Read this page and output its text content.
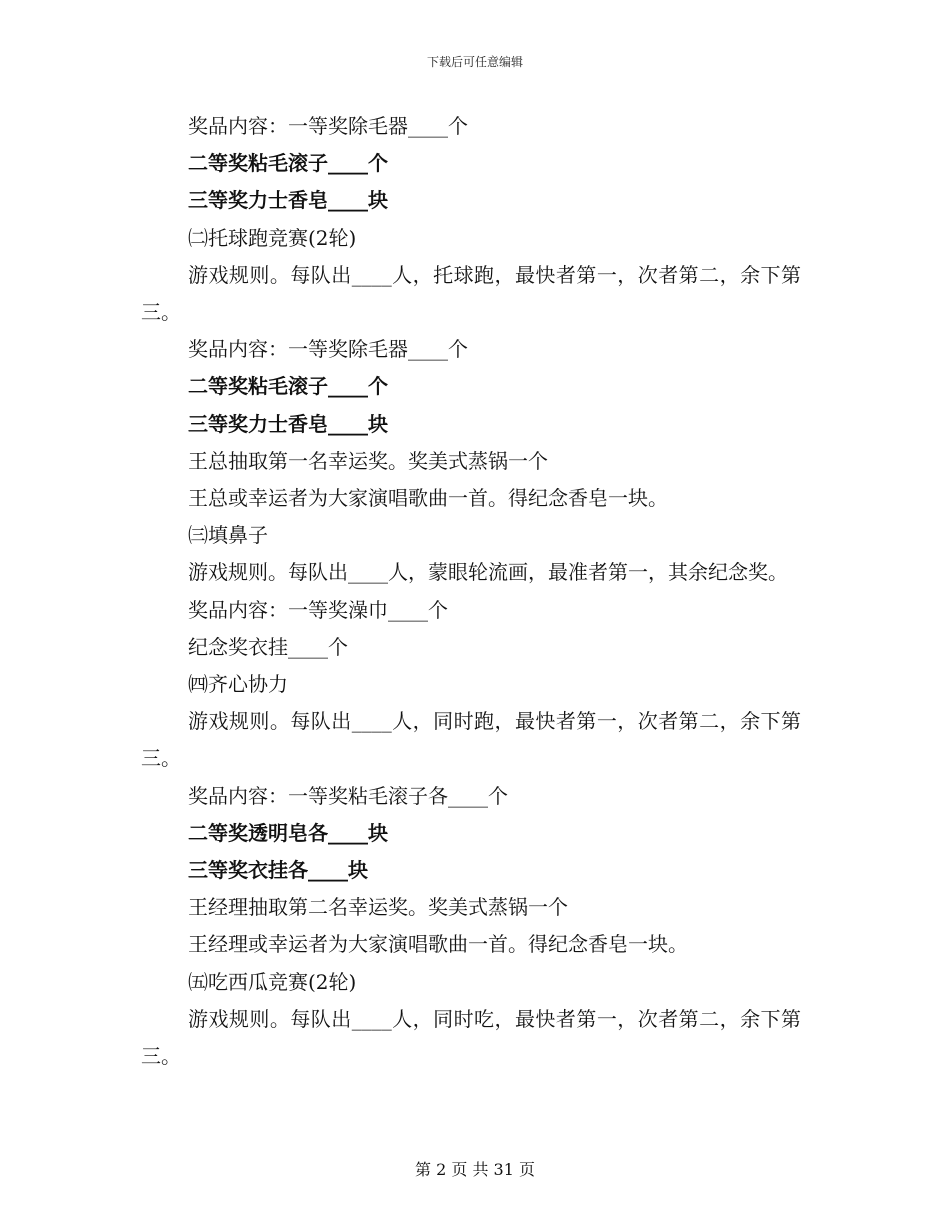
下载后可任意编辑

奖品内容：一等奖除毛器____个

二等奖粘毛滚子____个

三等奖力士香皂____块

㈡托球跑竞赛(2轮)

游戏规则。每队出____人，托球跑，最快者第一，次者第二，余下第三。

奖品内容：一等奖除毛器____个

二等奖粘毛滚子____个

三等奖力士香皂____块

王总抽取第一名幸运奖。奖美式蒸锅一个

王总或幸运者为大家演唱歌曲一首。得纪念香皂一块。

㈢填鼻子

游戏规则。每队出____人，蒙眼轮流画，最准者第一，其余纪念奖。

奖品内容：一等奖澡巾____个

纪念奖衣挂____个

㈣齐心协力

游戏规则。每队出____人，同时跑，最快者第一，次者第二，余下第三。

奖品内容：一等奖粘毛滚子各____个

二等奖透明皂各____块

三等奖衣挂各____块

王经理抽取第二名幸运奖。奖美式蒸锅一个

王经理或幸运者为大家演唱歌曲一首。得纪念香皂一块。

㈤吃西瓜竞赛(2轮)

游戏规则。每队出____人，同时吃，最快者第一，次者第二，余下第三。

第 2 页 共 31 页
